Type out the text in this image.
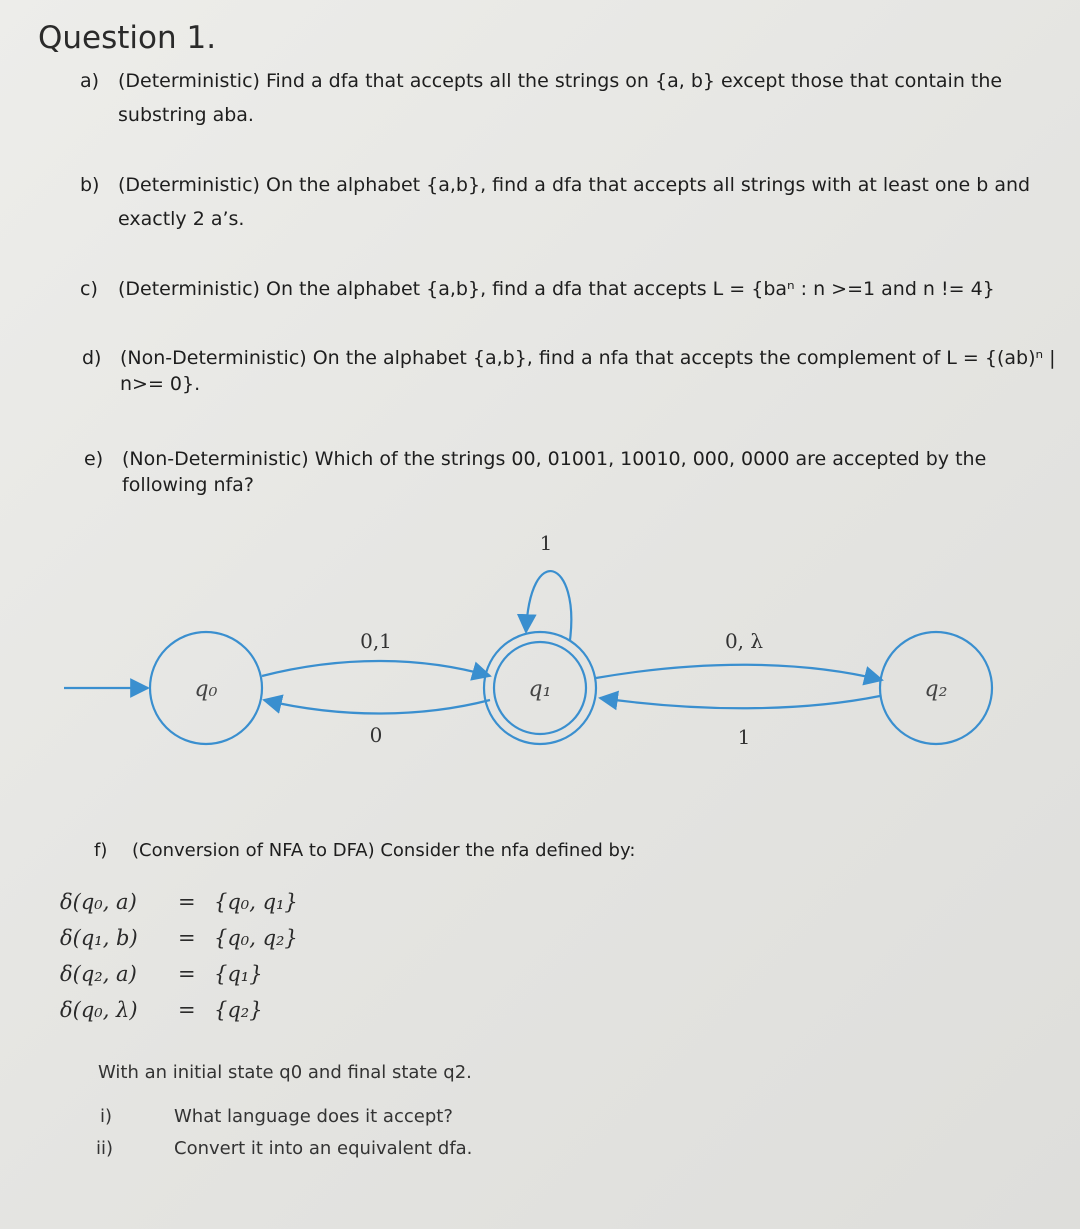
Question 1.
a) (Deterministic) Find a dfa that accepts all the strings on {a, b} except those that contain the
substring aba.
b) (Deterministic) On the alphabet {a,b}, find a dfa that accepts all strings with at least one b and
exactly 2 a’s.
c) (Deterministic) On the alphabet {a,b}, find a dfa that accepts L = {baⁿ : n >=1 and n != 4}
d) (Non-Deterministic) On the alphabet {a,b}, find a nfa that accepts the complement of L = {(ab)ⁿ |
n>= 0}.
e) (Non-Deterministic) Which of the strings 00, 01001, 10010, 000, 0000 are accepted by the
following nfa?
q₀	q₁	q₂
1
0,1
0
0, λ
1
f) (Conversion of NFA to DFA) Consider the nfa defined by:
δ(q₀, a) = {q₀, q₁}
δ(q₁, b) = {q₀, q₂}
δ(q₂, a) = {q₁}
δ(q₀, λ) = {q₂}
With an initial state q0 and final state q2.
i)	What language does it accept?
ii)	Convert it into an equivalent dfa.
